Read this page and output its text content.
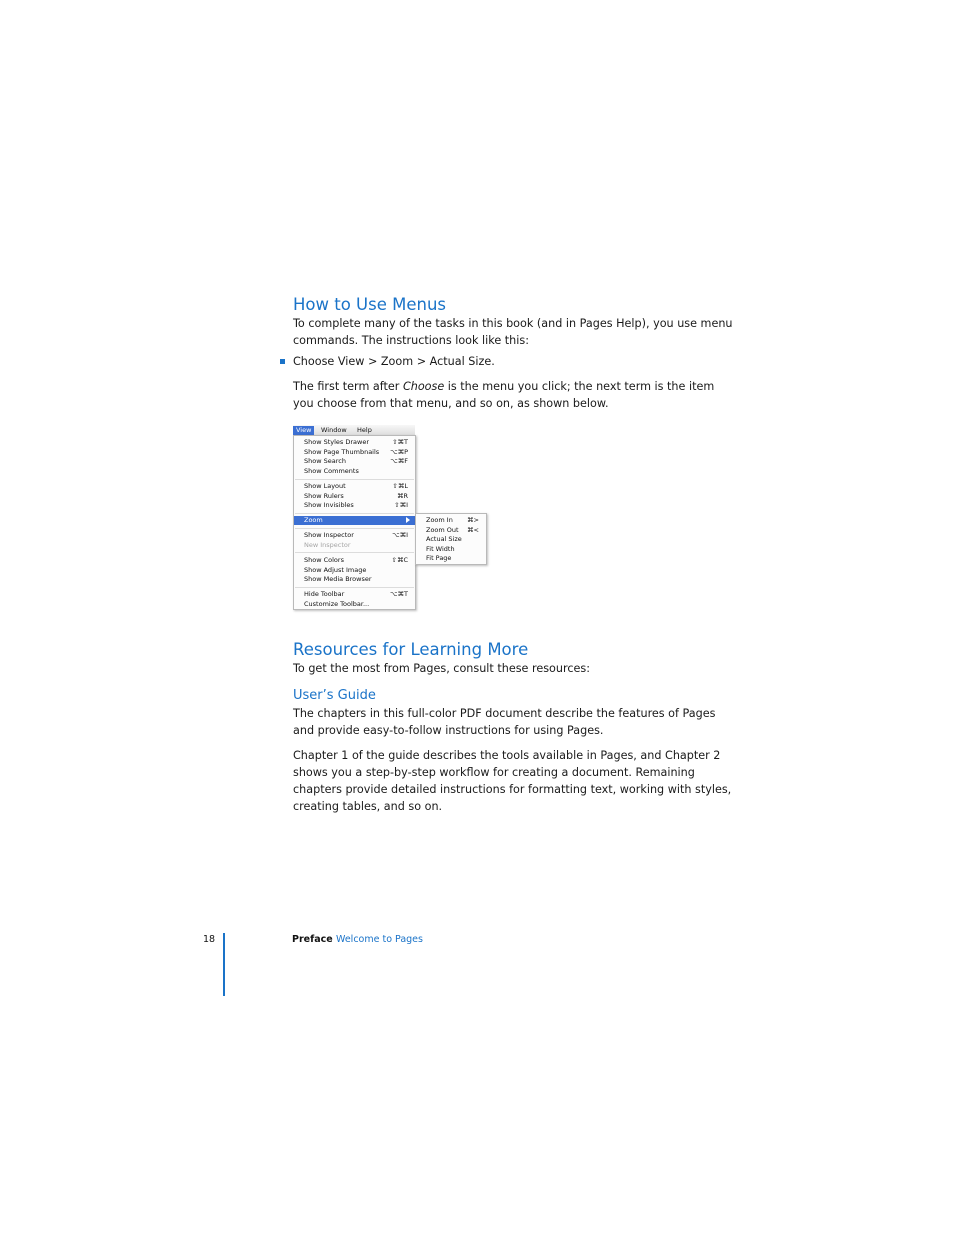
How to Use Menus

To complete many of the tasks in this book (and in Pages Help), you use menu commands. The instructions look like this:

Choose View > Zoom > Actual Size.

The first term after Choose is the menu you click; the next term is the item you choose from that menu, and so on, as shown below.

View	Window	Help
Show Styles Drawer	⇧⌘T
Show Page Thumbnails ⌥⌘P
Show Search	⌥⌘F
Show Comments
Show Layout	⇧⌘L
Show Rulers	⌘R
Show Invisibles	⇧⌘I
Zoom
Show Inspector	⌥⌘I
New Inspector
Show Colors	⇧⌘C
Show Adjust Image
Show Media Browser
Hide Toolbar	⌥⌘T
Customize Toolbar...
Zoom In ⌘>
Zoom Out ⌘<
Actual Size
Fit Width
Fit Page
Resources for Learning More

To get the most from Pages, consult these resources:

User’s Guide

The chapters in this full-color PDF document describe the features of Pages and provide easy-to-follow instructions for using Pages.

Chapter 1 of the guide describes the tools available in Pages, and Chapter 2 shows you a step-by-step workflow for creating a document. Remaining chapters provide detailed instructions for formatting text, working with styles, creating tables, and so on.

18	Preface Welcome to Pages
